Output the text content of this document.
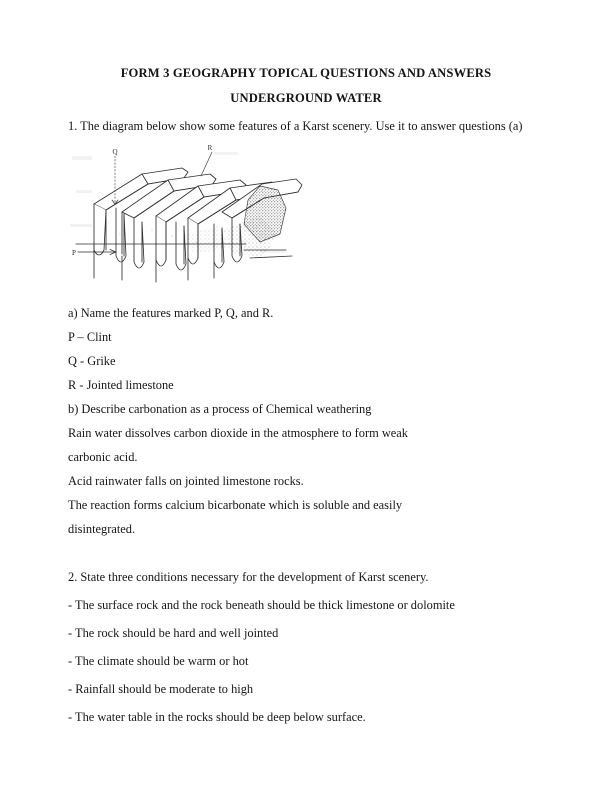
FORM 3 GEOGRAPHY TOPICAL QUESTIONS AND ANSWERS
UNDERGROUND WATER
1. The diagram below show some features of a Karst scenery. Use it to answer questions (a)
R
Q
P
a) Name the features marked P, Q, and R.
P – Clint
Q - Grike
R - Jointed limestone
b) Describe carbonation as a process of Chemical weathering
Rain water dissolves carbon dioxide in the atmosphere to form weak
carbonic acid.
Acid rainwater falls on jointed limestone rocks.
The reaction forms calcium bicarbonate which is soluble and easily
disintegrated.
2. State three conditions necessary for the development of Karst scenery.
- The surface rock and the rock beneath should be thick limestone or dolomite
- The rock should be hard and well jointed
- The climate should be warm or hot
- Rainfall should be moderate to high
- The water table in the rocks should be deep below surface.
